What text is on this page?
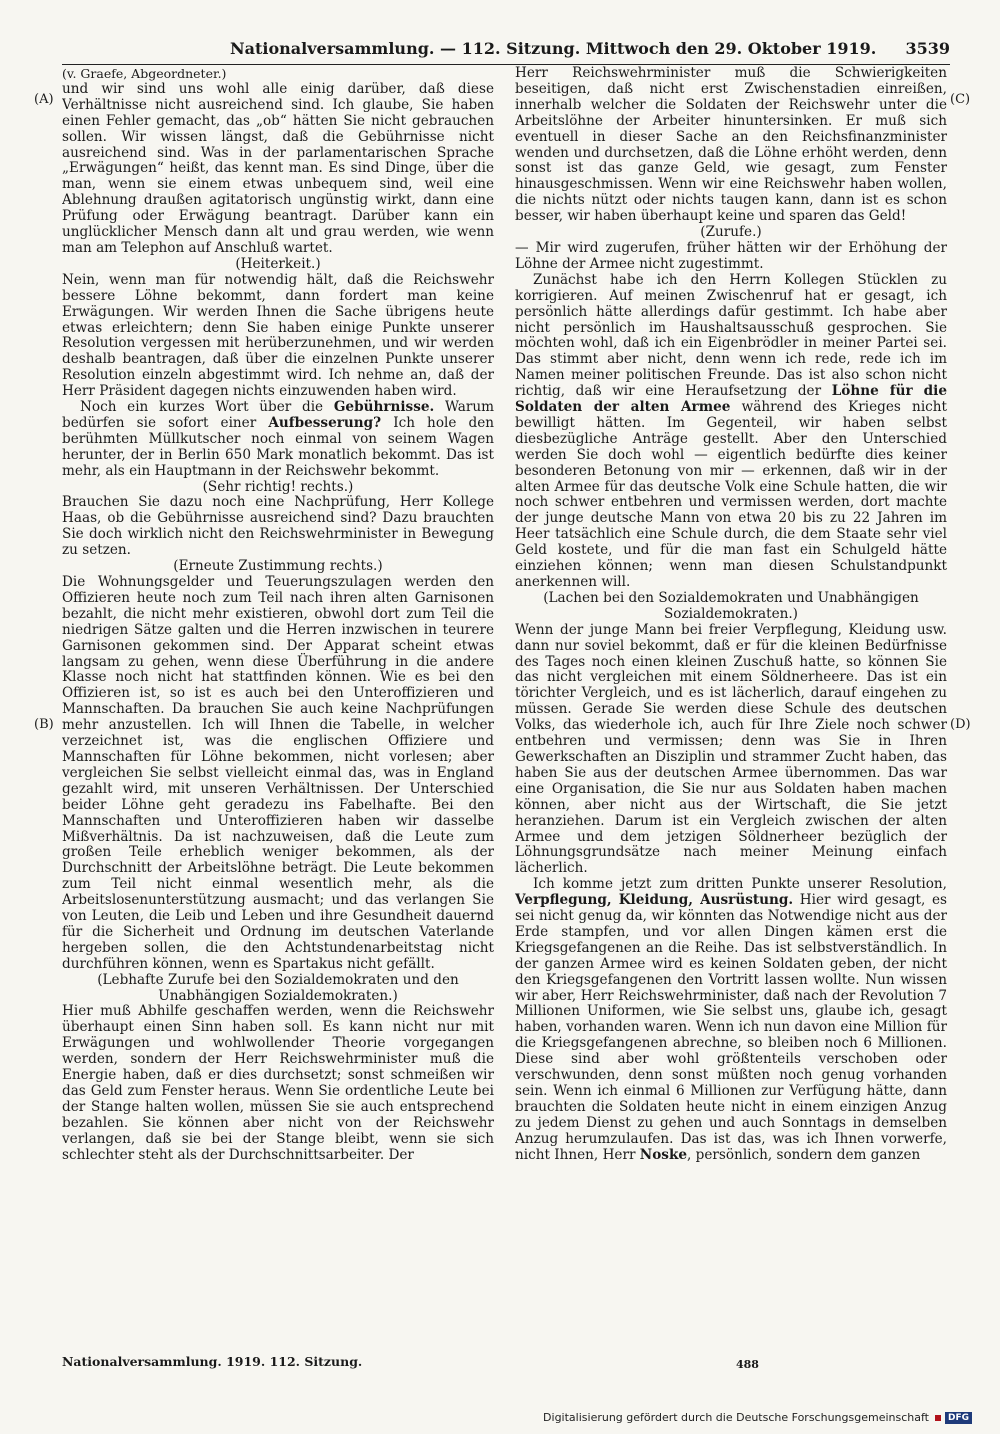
Nationalversammlung. — 112. Sitzung. Mittwoch den 29. Oktober 1919. 3539
(A)
(B)
(C)
(D)

(v. Graefe, Abgeordneter.)

und wir sind uns wohl alle einig darüber, daß diese Verhältnisse nicht ausreichend sind. Ich glaube, Sie haben einen Fehler gemacht, das „ob“ hätten Sie nicht gebrauchen sollen. Wir wissen längst, daß die Gebührnisse nicht ausreichend sind. Was in der parlamentarischen Sprache „Erwägungen“ heißt, das kennt man. Es sind Dinge, über die man, wenn sie einem etwas unbequem sind, weil eine Ablehnung draußen agitatorisch ungünstig wirkt, dann eine Prüfung oder Erwägung beantragt. Darüber kann ein unglücklicher Mensch dann alt und grau werden, wie wenn man am Telephon auf Anschluß wartet.

(Heiterkeit.)

Nein, wenn man für notwendig hält, daß die Reichswehr bessere Löhne bekommt, dann fordert man keine Erwägungen. Wir werden Ihnen die Sache übrigens heute etwas erleichtern; denn Sie haben einige Punkte unserer Resolution vergessen mit herüberzunehmen, und wir werden deshalb beantragen, daß über die einzelnen Punkte unserer Resolution einzeln abgestimmt wird. Ich nehme an, daß der Herr Präsident dagegen nichts einzuwenden haben wird.

Noch ein kurzes Wort über die Gebührnisse. Warum bedürfen sie sofort einer Aufbesserung? Ich hole den berühmten Müllkutscher noch einmal von seinem Wagen herunter, der in Berlin 650 Mark monatlich bekommt. Das ist mehr, als ein Hauptmann in der Reichswehr bekommt.

(Sehr richtig! rechts.)

Brauchen Sie dazu noch eine Nachprüfung, Herr Kollege Haas, ob die Gebührnisse ausreichend sind? Dazu brauchten Sie doch wirklich nicht den Reichswehrminister in Bewegung zu setzen.

(Erneute Zustimmung rechts.)

Die Wohnungsgelder und Teuerungszulagen werden den Offizieren heute noch zum Teil nach ihren alten Garnisonen bezahlt, die nicht mehr existieren, obwohl dort zum Teil die niedrigen Sätze galten und die Herren inzwischen in teurere Garnisonen gekommen sind. Der Apparat scheint etwas langsam zu gehen, wenn diese Überführung in die andere Klasse noch nicht hat stattfinden können. Wie es bei den Offizieren ist, so ist es auch bei den Unteroffizieren und Mannschaften. Da brauchen Sie auch keine Nachprüfungen mehr anzustellen. Ich will Ihnen die Tabelle, in welcher verzeichnet ist, was die englischen Offiziere und Mannschaften für Löhne bekommen, nicht vorlesen; aber vergleichen Sie selbst vielleicht einmal das, was in England gezahlt wird, mit unseren Verhältnissen. Der Unterschied beider Löhne geht geradezu ins Fabelhafte. Bei den Mannschaften und Unteroffizieren haben wir dasselbe Mißverhältnis. Da ist nachzuweisen, daß die Leute zum großen Teile erheblich weniger bekommen, als der Durchschnitt der Arbeitslöhne beträgt. Die Leute bekommen zum Teil nicht einmal wesentlich mehr, als die Arbeitslosenunterstützung ausmacht; und das verlangen Sie von Leuten, die Leib und Leben und ihre Gesundheit dauernd für die Sicherheit und Ordnung im deutschen Vaterlande hergeben sollen, die den Achtstundenarbeitstag nicht durchführen können, wenn es Spartakus nicht gefällt.

(Lebhafte Zurufe bei den Sozialdemokraten und den Unabhängigen Sozialdemokraten.)

Hier muß Abhilfe geschaffen werden, wenn die Reichswehr überhaupt einen Sinn haben soll. Es kann nicht nur mit Erwägungen und wohlwollender Theorie vorgegangen werden, sondern der Herr Reichswehrminister muß die Energie haben, daß er dies durchsetzt; sonst schmeißen wir das Geld zum Fenster heraus. Wenn Sie ordentliche Leute bei der Stange halten wollen, müssen Sie sie auch entsprechend bezahlen. Sie können aber nicht von der Reichswehr verlangen, daß sie bei der Stange bleibt, wenn sie sich schlechter steht als der Durchschnittsarbeiter. Der

Herr Reichswehrminister muß die Schwierigkeiten beseitigen, daß nicht erst Zwischenstadien einreißen, innerhalb welcher die Soldaten der Reichswehr unter die Arbeitslöhne der Arbeiter hinuntersinken. Er muß sich eventuell in dieser Sache an den Reichsfinanzminister wenden und durchsetzen, daß die Löhne erhöht werden, denn sonst ist das ganze Geld, wie gesagt, zum Fenster hinausgeschmissen. Wenn wir eine Reichswehr haben wollen, die nichts nützt oder nichts taugen kann, dann ist es schon besser, wir haben überhaupt keine und sparen das Geld!

(Zurufe.)

— Mir wird zugerufen, früher hätten wir der Erhöhung der Löhne der Armee nicht zugestimmt.

Zunächst habe ich den Herrn Kollegen Stücklen zu korrigieren. Auf meinen Zwischenruf hat er gesagt, ich persönlich hätte allerdings dafür gestimmt. Ich habe aber nicht persönlich im Haushaltsausschuß gesprochen. Sie möchten wohl, daß ich ein Eigenbrödler in meiner Partei sei. Das stimmt aber nicht, denn wenn ich rede, rede ich im Namen meiner politischen Freunde. Das ist also schon nicht richtig, daß wir eine Heraufsetzung der Löhne für die Soldaten der alten Armee während des Krieges nicht bewilligt hätten. Im Gegenteil, wir haben selbst diesbezügliche Anträge gestellt. Aber den Unterschied werden Sie doch wohl — eigentlich bedürfte dies keiner besonderen Betonung von mir — erkennen, daß wir in der alten Armee für das deutsche Volk eine Schule hatten, die wir noch schwer entbehren und vermissen werden, dort machte der junge deutsche Mann von etwa 20 bis zu 22 Jahren im Heer tatsächlich eine Schule durch, die dem Staate sehr viel Geld kostete, und für die man fast ein Schulgeld hätte einziehen können; wenn man diesen Schulstandpunkt anerkennen will.

(Lachen bei den Sozialdemokraten und Unabhängigen Sozialdemokraten.)

Wenn der junge Mann bei freier Verpflegung, Kleidung usw. dann nur soviel bekommt, daß er für die kleinen Bedürfnisse des Tages noch einen kleinen Zuschuß hatte, so können Sie das nicht vergleichen mit einem Söldnerheere. Das ist ein törichter Vergleich, und es ist lächerlich, darauf eingehen zu müssen. Gerade Sie werden diese Schule des deutschen Volks, das wiederhole ich, auch für Ihre Ziele noch schwer entbehren und vermissen; denn was Sie in Ihren Gewerkschaften an Disziplin und strammer Zucht haben, das haben Sie aus der deutschen Armee übernommen. Das war eine Organisation, die Sie nur aus Soldaten haben machen können, aber nicht aus der Wirtschaft, die Sie jetzt heranziehen. Darum ist ein Vergleich zwischen der alten Armee und dem jetzigen Söldnerheer bezüglich der Löhnungsgrundsätze nach meiner Meinung einfach lächerlich.

Ich komme jetzt zum dritten Punkte unserer Resolution, Verpflegung, Kleidung, Ausrüstung. Hier wird gesagt, es sei nicht genug da, wir könnten das Notwendige nicht aus der Erde stampfen, und vor allen Dingen kämen erst die Kriegsgefangenen an die Reihe. Das ist selbstverständlich. In der ganzen Armee wird es keinen Soldaten geben, der nicht den Kriegsgefangenen den Vortritt lassen wollte. Nun wissen wir aber, Herr Reichswehrminister, daß nach der Revolution 7 Millionen Uniformen, wie Sie selbst uns, glaube ich, gesagt haben, vorhanden waren. Wenn ich nun davon eine Million für die Kriegsgefangenen abrechne, so bleiben noch 6 Millionen. Diese sind aber wohl größtenteils verschoben oder verschwunden, denn sonst müßten noch genug vorhanden sein. Wenn ich einmal 6 Millionen zur Verfügung hätte, dann brauchten die Soldaten heute nicht in einem einzigen Anzug zu jedem Dienst zu gehen und auch Sonntags in demselben Anzug herumzulaufen. Das ist das, was ich Ihnen vorwerfe, nicht Ihnen, Herr Noske, persönlich, sondern dem ganzen

Nationalversammlung. 1919. 112. Sitzung.	488
Digitalisierung gefördert durch die Deutsche Forschungsgemeinschaft	DFG
